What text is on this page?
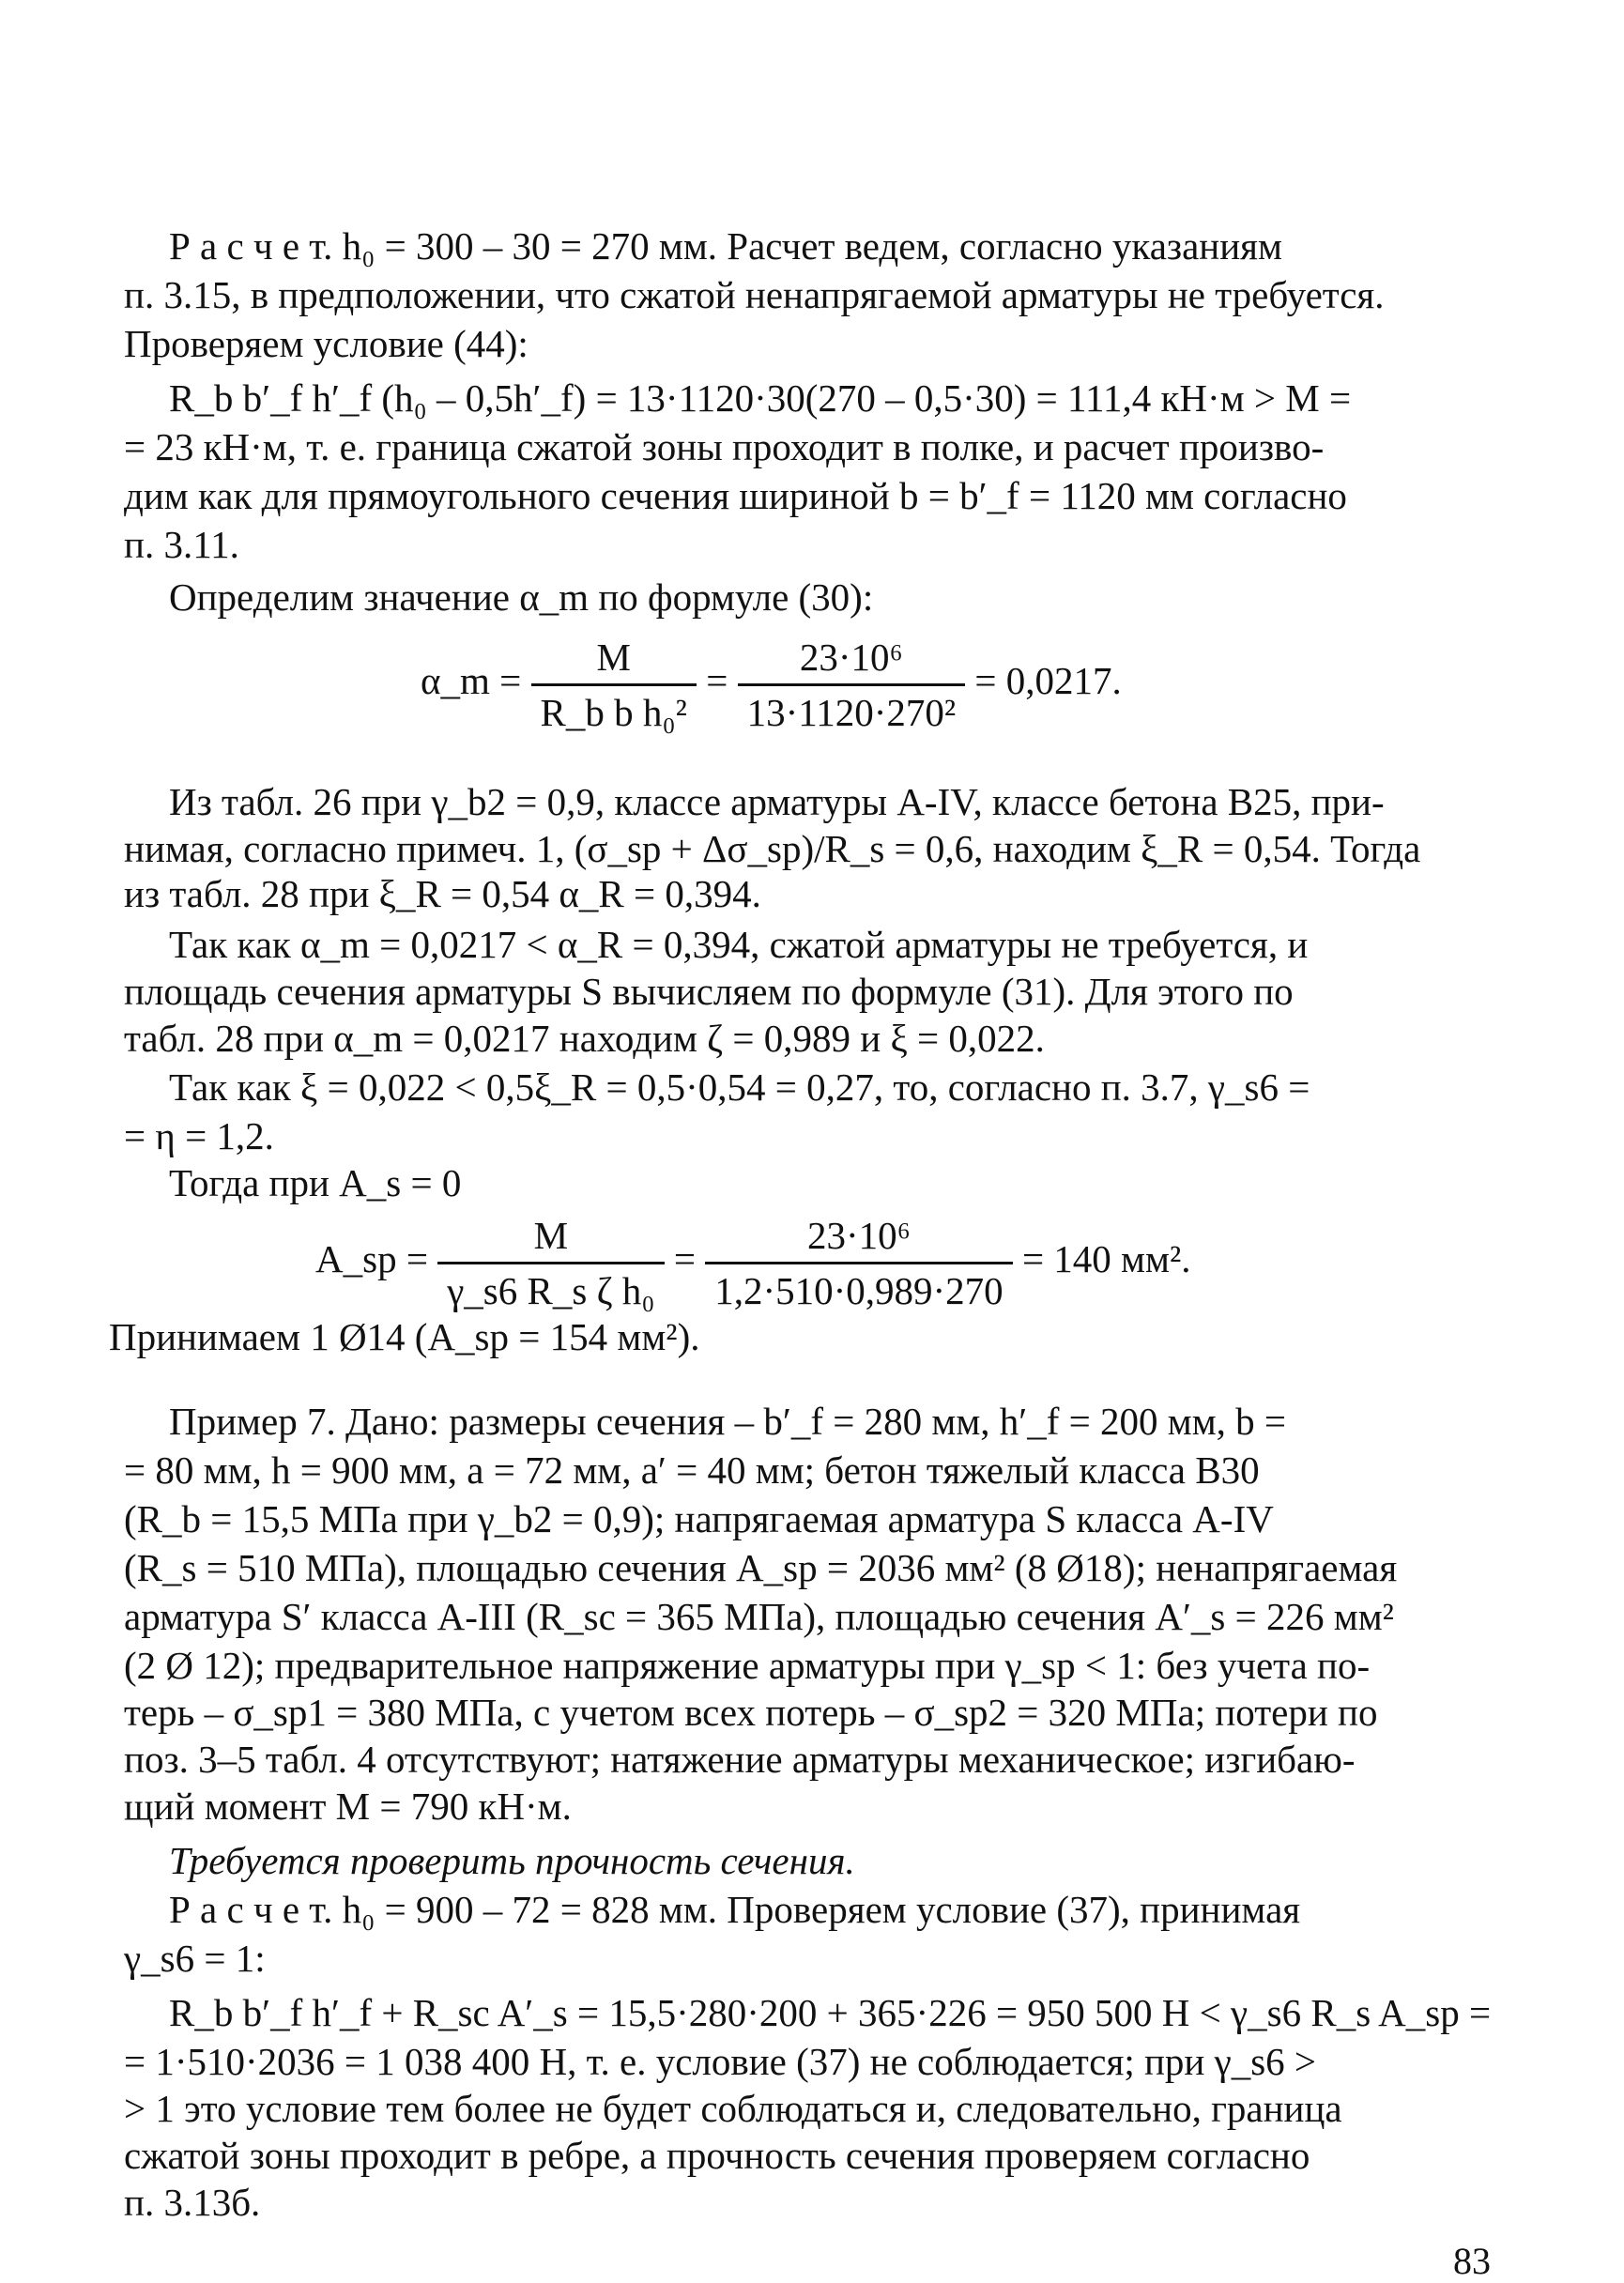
Р а с ч е т. h₀ = 300 – 30 = 270 мм. Расчет ведем, согласно указаниям
п. 3.15, в предположении, что сжатой ненапрягаемой арматуры не требуется.
Проверяем условие (44):
R_b b′_f h′_f (h₀ – 0,5h′_f) = 13·1120·30(270 – 0,5·30) = 111,4 кН·м > M =
= 23 кН·м, т. е. граница сжатой зоны проходит в полке, и расчет произво-
дим как для прямоугольного сечения шириной b = b′_f = 1120 мм согласно
п. 3.11.
Определим значение α_m по формуле (30):
α_m = $\frac{M}{\text{R\_b b h₀²}} = \frac{\text{23·10⁶}}{\text{13·1120·270²}} = 0,0217$.
Из табл. 26 при γ_b2 = 0,9, классе арматуры A-IV, классе бетона B25, при-
нимая, согласно примеч. 1, (σ_sp + Δσ_sp)/R_s = 0,6, находим ξ_R = 0,54. Тогда
из табл. 28 при ξ_R = 0,54 α_R = 0,394.
Так как α_m = 0,0217 < α_R = 0,394, сжатой арматуры не требуется, и
площадь сечения арматуры S вычисляем по формуле (31). Для этого по
табл. 28 при α_m = 0,0217 находим ζ = 0,989 и ξ = 0,022.
Так как ξ = 0,022 < 0,5ξ_R = 0,5·0,54 = 0,27, то, согласно п. 3.7, γ_s6 =
= η = 1,2.
Тогда при A_s = 0
A_sp = $\frac{M}{\text{γ\_s6 R\_s ζ h₀}} = \frac{\text{23·10⁶}}{1,2\cdot 510\cdot 0,989\cdot 270} = 140$ мм².
Принимаем 1 Ø14 (A_sp = 154 мм²).
Пример 7. Дано: размеры сечения – b′_f = 280 мм, h′_f = 200 мм, b =
= 80 мм, h = 900 мм, a = 72 мм, a′ = 40 мм; бетон тяжелый класса B30
(R_b = 15,5 МПа при γ_b2 = 0,9); напрягаемая арматура S класса A-IV
(R_s = 510 МПа), площадью сечения A_sp = 2036 мм² (8 Ø18); ненапрягаемая
арматура S′ класса A-III (R_sc = 365 МПа), площадью сечения A′_s = 226 мм²
(2 Ø 12); предварительное напряжение арматуры при γ_sp < 1: без учета по-
терь – σ_sp1 = 380 МПа, с учетом всех потерь – σ_sp2 = 320 МПа; потери по
поз. 3–5 табл. 4 отсутствуют; натяжение арматуры механическое; изгибаю-
щий момент M = 790 кН·м.
Требуется проверить прочность сечения.
Р а с ч е т. h₀ = 900 – 72 = 828 мм. Проверяем условие (37), принимая
γ_s6 = 1:
R_b b′_f h′_f + R_sc A′_s = 15,5·280·200 + 365·226 = 950 500 Н < γ_s6 R_s A_sp =
= 1·510·2036 = 1 038 400 Н, т. е. условие (37) не соблюдается; при γ_s6 >
> 1 это условие тем более не будет соблюдаться и, следовательно, граница
сжатой зоны проходит в ребре, а прочность сечения проверяем согласно
п. 3.13б.
83
